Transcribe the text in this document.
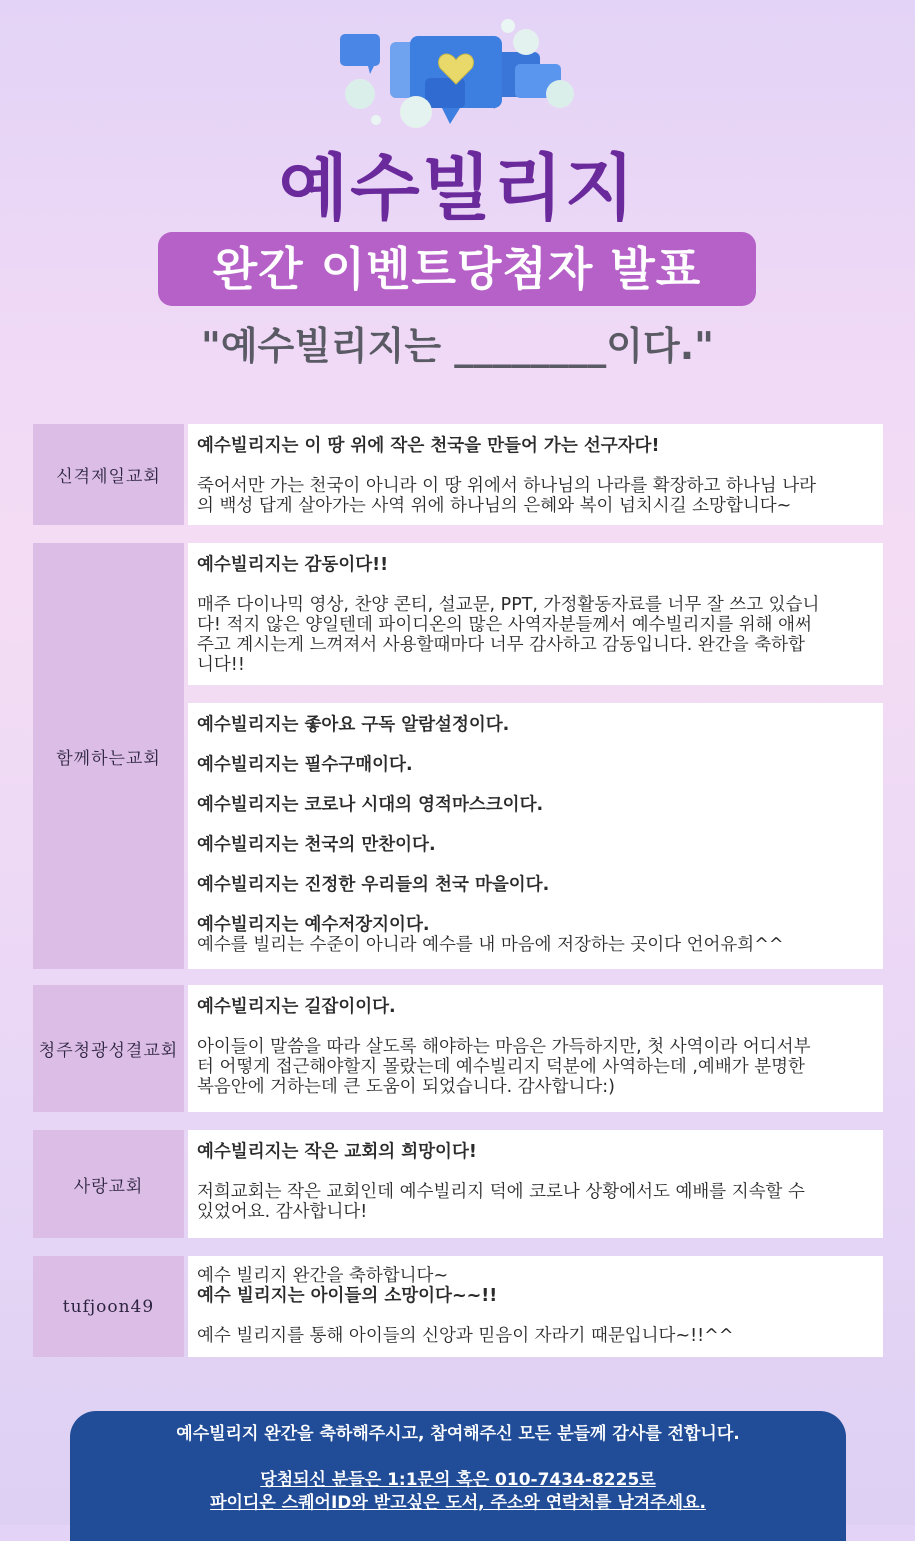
예수빌리지
완간 이벤트당첨자 발표
"예수빌리지는 ________이다."
신격제일교회

예수빌리지는 이 땅 위에 작은 천국을 만들어 가는 선구자다!

죽어서만 가는 천국이 아니라 이 땅 위에서 하나님의 나라를 확장하고 하나님 나라

의 백성 답게 살아가는 사역 위에 하나님의 은혜와 복이 넘치시길 소망합니다~

함께하는교회

예수빌리지는 감동이다!!

매주 다이나믹 영상, 찬양 콘티, 설교문, PPT, 가정활동자료를 너무 잘 쓰고 있습니

다! 적지 않은 양일텐데 파이디온의 많은 사역자분들께서 예수빌리지를 위해 애써

주고 계시는게 느껴져서 사용할때마다 너무 감사하고 감동입니다. 완간을 축하합

니다!!

예수빌리지는 좋아요 구독 알람설정이다.

예수빌리지는 필수구매이다.

예수빌리지는 코로나 시대의 영적마스크이다.

예수빌리지는 천국의 만찬이다.

예수빌리지는 진정한 우리들의 천국 마을이다.

예수빌리지는 예수저장지이다.

예수를 빌리는 수준이 아니라 예수를 내 마음에 저장하는 곳이다 언어유희^^

청주청광성결교회

예수빌리지는 길잡이이다.

아이들이 말씀을 따라 살도록 해야하는 마음은 가득하지만, 첫 사역이라 어디서부

터 어떻게 접근해야할지 몰랐는데 예수빌리지 덕분에 사역하는데 ,예배가 분명한

복음안에 거하는데 큰 도움이 되었습니다. 감사합니다:)

사랑교회

예수빌리지는 작은 교회의 희망이다!

저희교회는 작은 교회인데 예수빌리지 덕에 코로나 상황에서도 예배를 지속할 수

있었어요. 감사합니다!

tufjoon49

예수 빌리지 완간을 축하합니다~

예수 빌리지는 아이들의 소망이다~~!!

예수 빌리지를 통해 아이들의 신앙과 믿음이 자라기 때문입니다~!!^^

예수빌리지 완간을 축하해주시고, 참여해주신 모든 분들께 감사를 전합니다.
당첨되신 분들은 1:1문의 혹은 010-7434-8225로
파이디온 스퀘어ID와 받고싶은 도서, 주소와 연락처를 남겨주세요.
